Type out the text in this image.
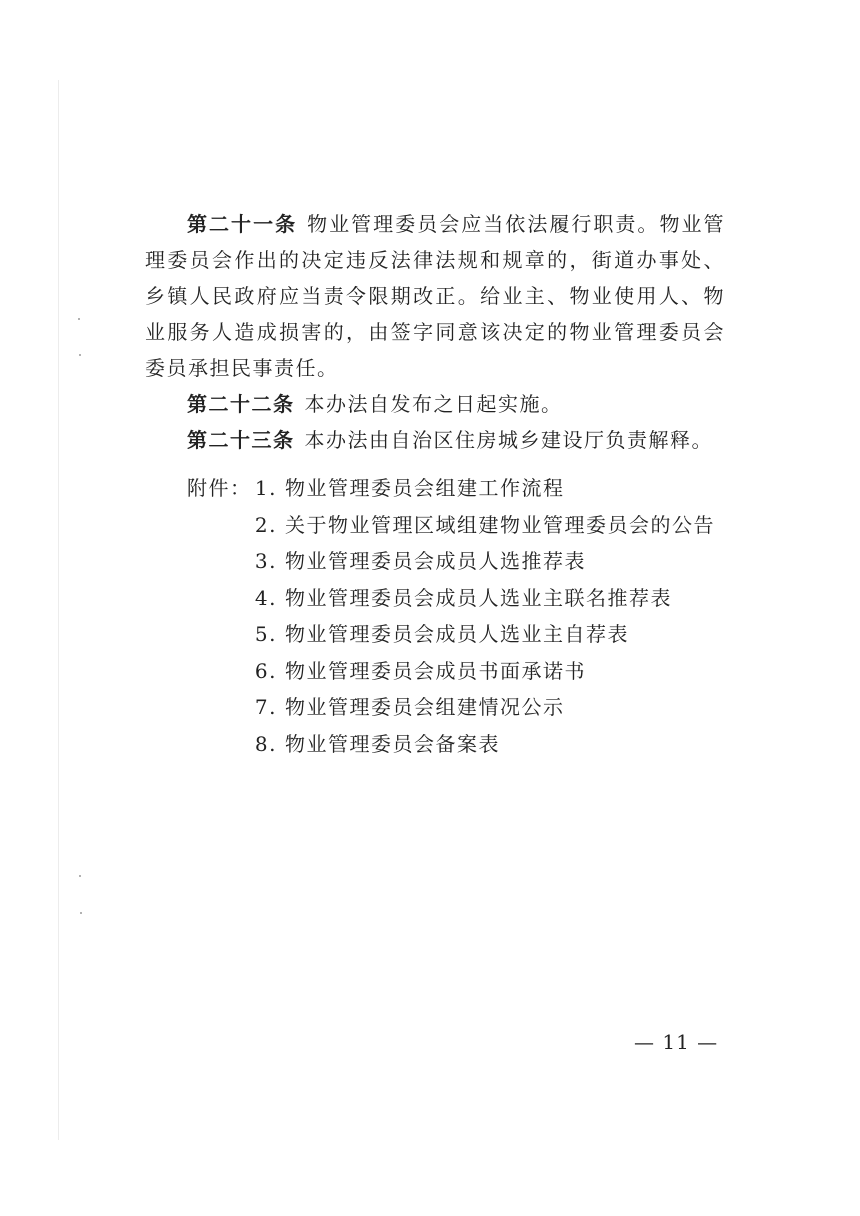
第二十一条 物业管理委员会应当依法履行职责。物业管理委员会作出的决定违反法律法规和规章的，街道办事处、乡镇人民政府应当责令限期改正。给业主、物业使用人、物业服务人造成损害的，由签字同意该决定的物业管理委员会委员承担民事责任。

第二十二条 本办法自发布之日起实施。

第二十三条 本办法由自治区住房城乡建设厅负责解释。

附件： 1. 物业管理委员会组建工作流程
2. 关于物业管理区域组建物业管理委员会的公告
3. 物业管理委员会成员人选推荐表
4. 物业管理委员会成员人选业主联名推荐表
5. 物业管理委员会成员人选业主自荐表
6. 物业管理委员会成员书面承诺书
7. 物业管理委员会组建情况公示
8. 物业管理委员会备案表
— 11 —
